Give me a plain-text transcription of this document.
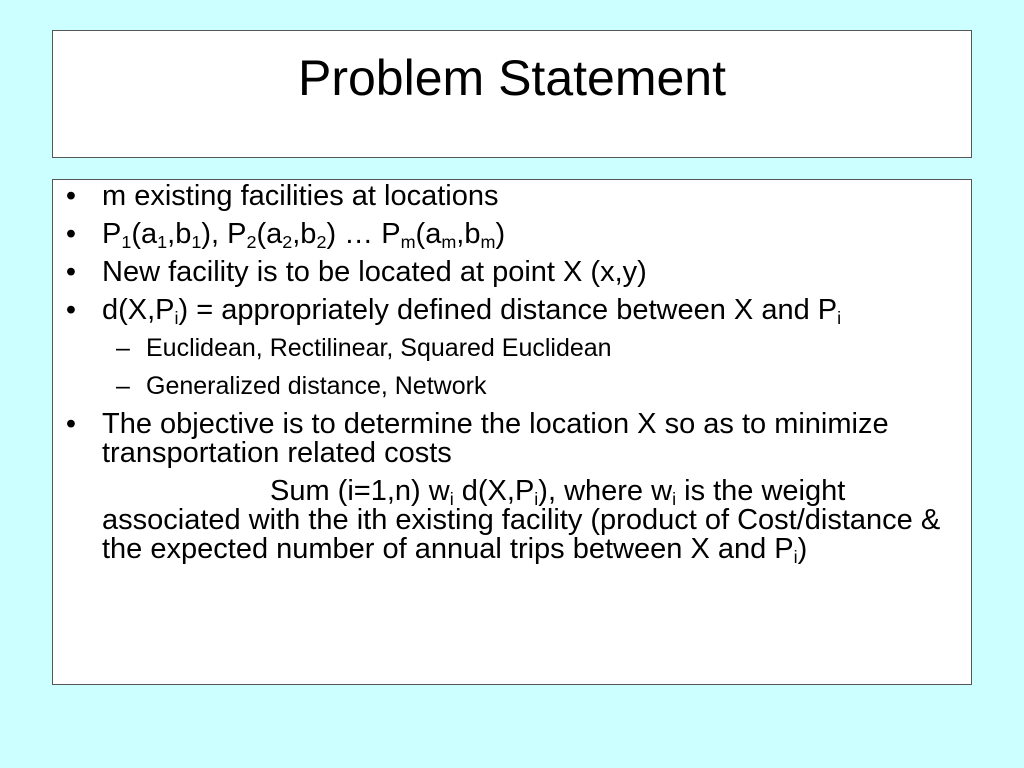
Problem Statement
• m existing facilities at locations
• $P_1(a_1,b_1)$, $P_2(a_2,b_2)$ … $P_m(a_m,b_m)$
• New facility is to be located at point X (x,y)
• $d(X,P_i)$ = appropriately defined distance between X and $P_i$
– Euclidean, Rectilinear, Squared Euclidean
– Generalized distance, Network
• The objective is to determine the location X so as to minimize transportation related costs
Sum (i=1,n) $w_i$ $d(X,P_i)$, where $w_i$ is the weight associated with the ith existing facility (product of Cost/distance & the expected number of annual trips between X and $P_i$)
